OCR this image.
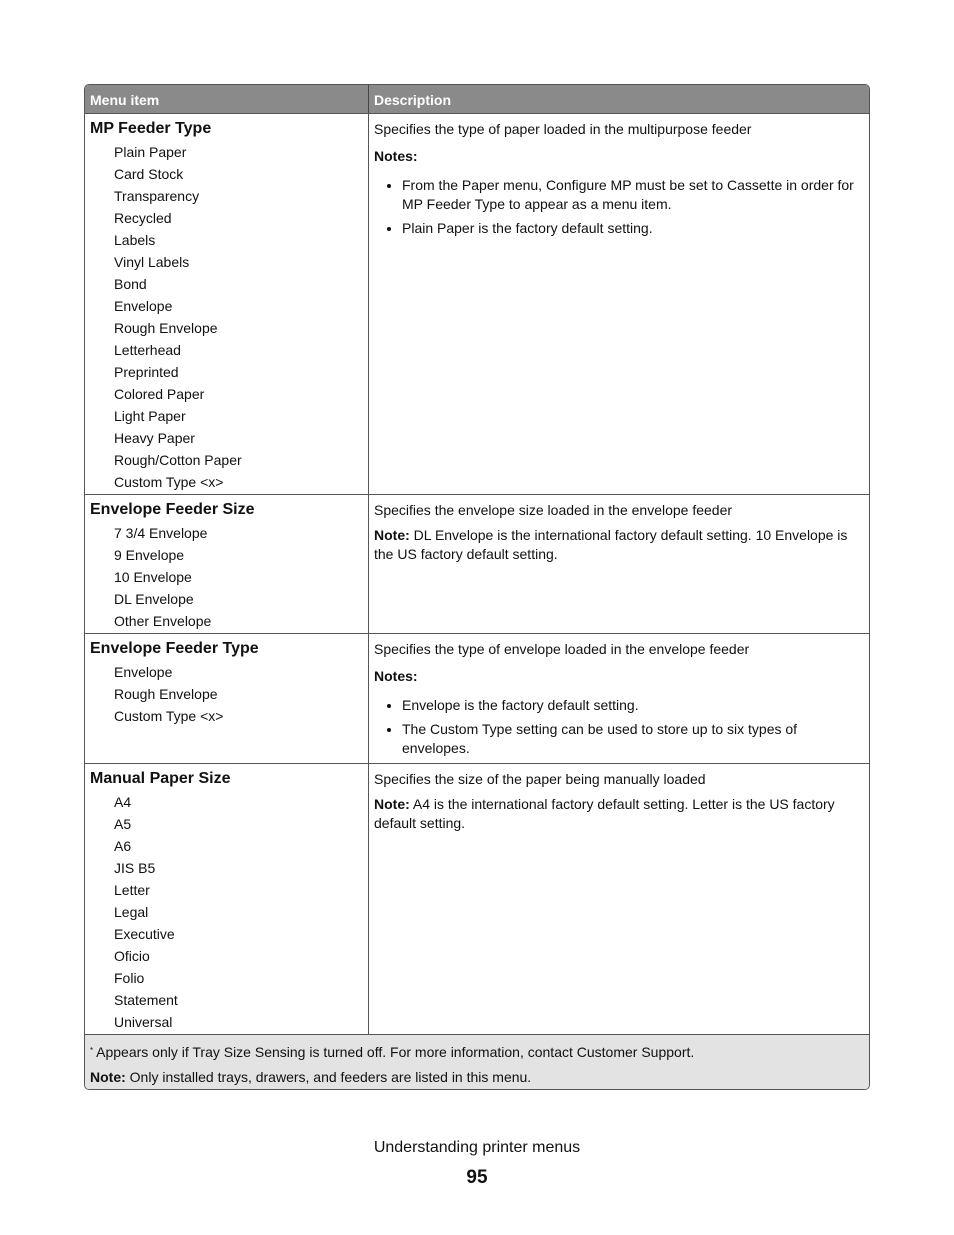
Menu item	Description
MP Feeder Type
Plain Paper
Card Stock
Transparency
Recycled
Labels
Vinyl Labels
Bond
Envelope
Rough Envelope
Letterhead
Preprinted
Colored Paper
Light Paper
Heavy Paper
Rough/Cotton Paper
Custom Type <x>

Specifies the type of paper loaded in the multipurpose feeder

Notes:

• From the Paper menu, Configure MP must be set to Cassette in order for MP Feeder Type to appear as a menu item.
• Plain Paper is the factory default setting.
Envelope Feeder Size
7 3/4 Envelope
9 Envelope
10 Envelope
DL Envelope
Other Envelope

Specifies the envelope size loaded in the envelope feeder

Note: DL Envelope is the international factory default setting. 10 Envelope is the US factory default setting.

Envelope Feeder Type
Envelope
Rough Envelope
Custom Type <x>

Specifies the type of envelope loaded in the envelope feeder

Notes:

• Envelope is the factory default setting.
• The Custom Type setting can be used to store up to six types of envelopes.
Manual Paper Size
A4
A5
A6
JIS B5
Letter
Legal
Executive
Oficio
Folio
Statement
Universal

Specifies the size of the paper being manually loaded

Note: A4 is the international factory default setting. Letter is the US factory default setting.

* Appears only if Tray Size Sensing is turned off. For more information, contact Customer Support.

Note: Only installed trays, drawers, and feeders are listed in this menu.

Understanding printer menus
95
